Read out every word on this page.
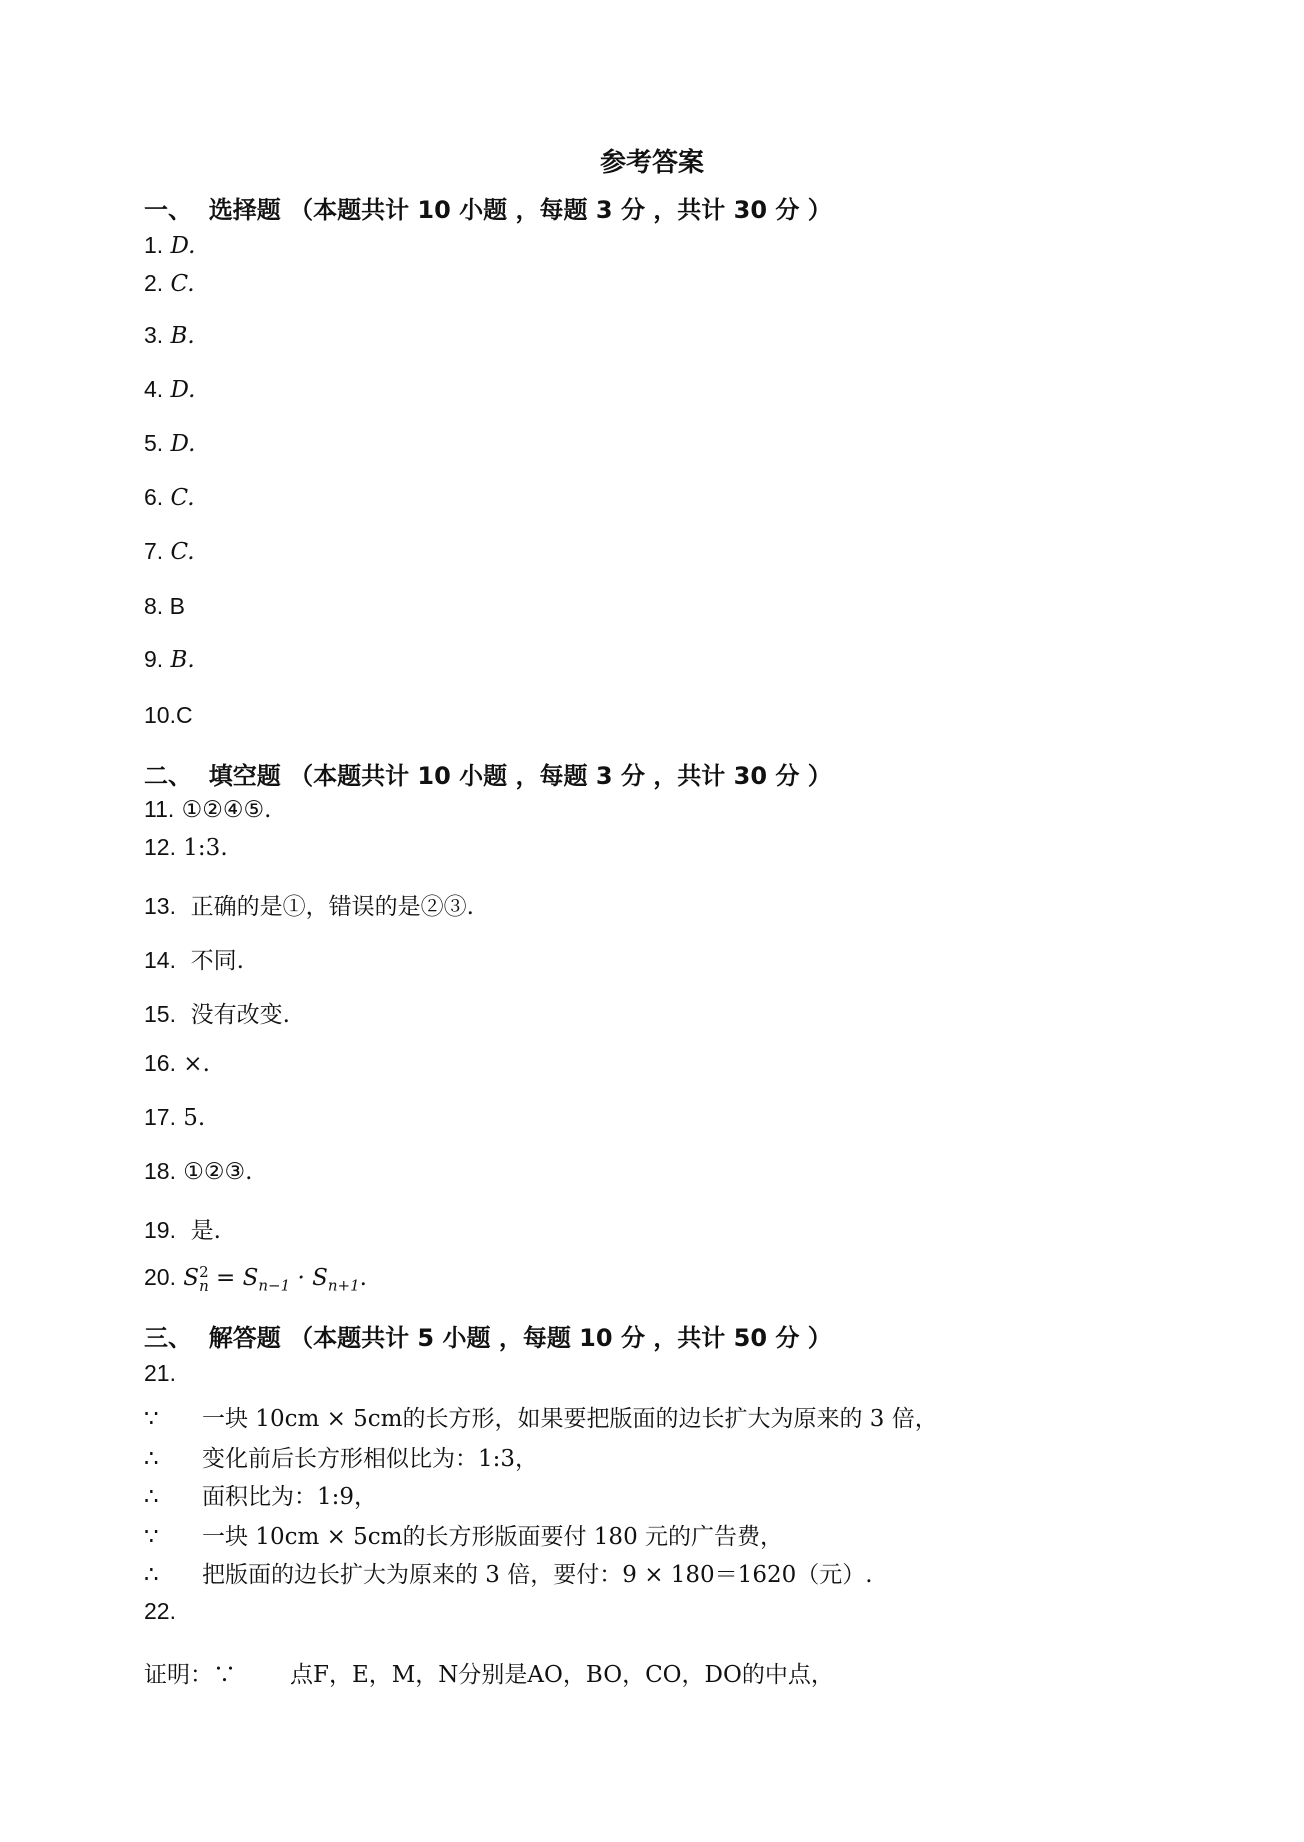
参考答案
一、  选择题 （本题共计 10 小题 ，每题 3 分 ，共计 30 分 ）
1. D.
2. C.
3. B.
4. D.
5. D.
6. C.
7. C.
8. B
9. B.
10.C
二、  填空题 （本题共计 10 小题 ，每题 3 分 ，共计 30 分 ）
11. ①②④⑤.
12. 1:3.
13. 正确的是①，错误的是②③.
14. 不同.
15. 没有改变.
16. ×.
17. 5.
18. ①②③.
19. 是.
20. S 2
$n = S_{n-1} \cdot S_{n+1}$.
三、  解答题 （本题共计 5 小题 ，每题 10 分 ，共计 50 分 ）
21.
∵ 一块 10cm × 5cm的长方形，如果要把版面的边长扩大为原来的 3 倍，
∴ 变化前后长方形相似比为：1:3，
∴ 面积比为：1:9，
∵ 一块 10cm × 5cm的长方形版面要付 180 元的广告费，
∴ 把版面的边长扩大为原来的 3 倍，要付：9 × 180＝1620（元）.
22.
证明：∵ 点F，E，M，N分别是AO，BO，CO，DO的中点，
